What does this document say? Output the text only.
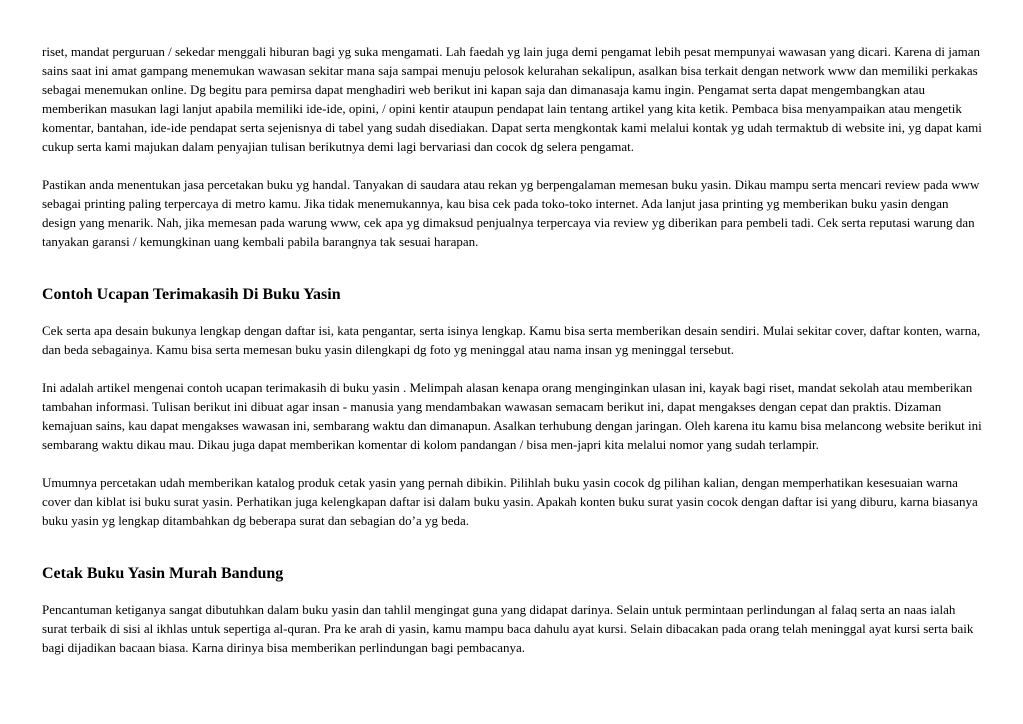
riset, mandat perguruan / sekedar menggali hiburan bagi yg suka mengamati. Lah faedah yg lain juga demi pengamat lebih pesat mempunyai wawasan yang dicari. Karena di jaman sains saat ini amat gampang menemukan wawasan sekitar mana saja sampai menuju pelosok kelurahan sekalipun, asalkan bisa terkait dengan network www dan memiliki perkakas sebagai menemukan online. Dg begitu para pemirsa dapat menghadiri web berikut ini kapan saja dan dimanasaja kamu ingin. Pengamat serta dapat mengembangkan atau memberikan masukan lagi lanjut apabila memiliki ide-ide, opini, / opini kentir ataupun pendapat lain tentang artikel yang kita ketik. Pembaca bisa menyampaikan atau mengetik komentar, bantahan, ide-ide pendapat serta sejenisnya di tabel yang sudah disediakan. Dapat serta mengkontak kami melalui kontak yg udah termaktub di website ini, yg dapat kami cukup serta kami majukan dalam penyajian tulisan berikutnya demi lagi bervariasi dan cocok dg selera pengamat.

Pastikan anda menentukan jasa percetakan buku yg handal. Tanyakan di saudara atau rekan yg berpengalaman memesan buku yasin. Dikau mampu serta mencari review pada www sebagai printing paling terpercaya di metro kamu. Jika tidak menemukannya, kau bisa cek pada toko-toko internet. Ada lanjut jasa printing yg memberikan buku yasin dengan design yang menarik. Nah, jika memesan pada warung www, cek apa yg dimaksud penjualnya terpercaya via review yg diberikan para pembeli tadi. Cek serta reputasi warung dan tanyakan garansi / kemungkinan uang kembali pabila barangnya tak sesuai harapan.

Contoh Ucapan Terimakasih Di Buku Yasin

Cek serta apa desain bukunya lengkap dengan daftar isi, kata pengantar, serta isinya lengkap. Kamu bisa serta memberikan desain sendiri. Mulai sekitar cover, daftar konten, warna, dan beda sebagainya. Kamu bisa serta memesan buku yasin dilengkapi dg foto yg meninggal atau nama insan yg meninggal tersebut.

Ini adalah artikel mengenai contoh ucapan terimakasih di buku yasin . Melimpah alasan kenapa orang menginginkan ulasan ini, kayak bagi riset, mandat sekolah atau memberikan tambahan informasi. Tulisan berikut ini dibuat agar insan - manusia yang mendambakan wawasan semacam berikut ini, dapat mengakses dengan cepat dan praktis. Dizaman kemajuan sains, kau dapat mengakses wawasan ini, sembarang waktu dan dimanapun. Asalkan terhubung dengan jaringan. Oleh karena itu kamu bisa melancong website berikut ini sembarang waktu dikau mau. Dikau juga dapat memberikan komentar di kolom pandangan / bisa men-japri kita melalui nomor yang sudah terlampir.

Umumnya percetakan udah memberikan katalog produk cetak yasin yang pernah dibikin. Pilihlah buku yasin cocok dg pilihan kalian, dengan memperhatikan kesesuaian warna cover dan kiblat isi buku surat yasin. Perhatikan juga kelengkapan daftar isi dalam buku yasin. Apakah konten buku surat yasin cocok dengan daftar isi yang diburu, karna biasanya buku yasin yg lengkap ditambahkan dg beberapa surat dan sebagian do’a yg beda.

Cetak Buku Yasin Murah Bandung

Pencantuman ketiganya sangat dibutuhkan dalam buku yasin dan tahlil mengingat guna yang didapat darinya. Selain untuk permintaan perlindungan al falaq serta an naas ialah surat terbaik di sisi al ikhlas untuk sepertiga al-quran. Pra ke arah di yasin, kamu mampu baca dahulu ayat kursi. Selain dibacakan pada orang telah meninggal ayat kursi serta baik bagi dijadikan bacaan biasa. Karna dirinya bisa memberikan perlindungan bagi pembacanya.
